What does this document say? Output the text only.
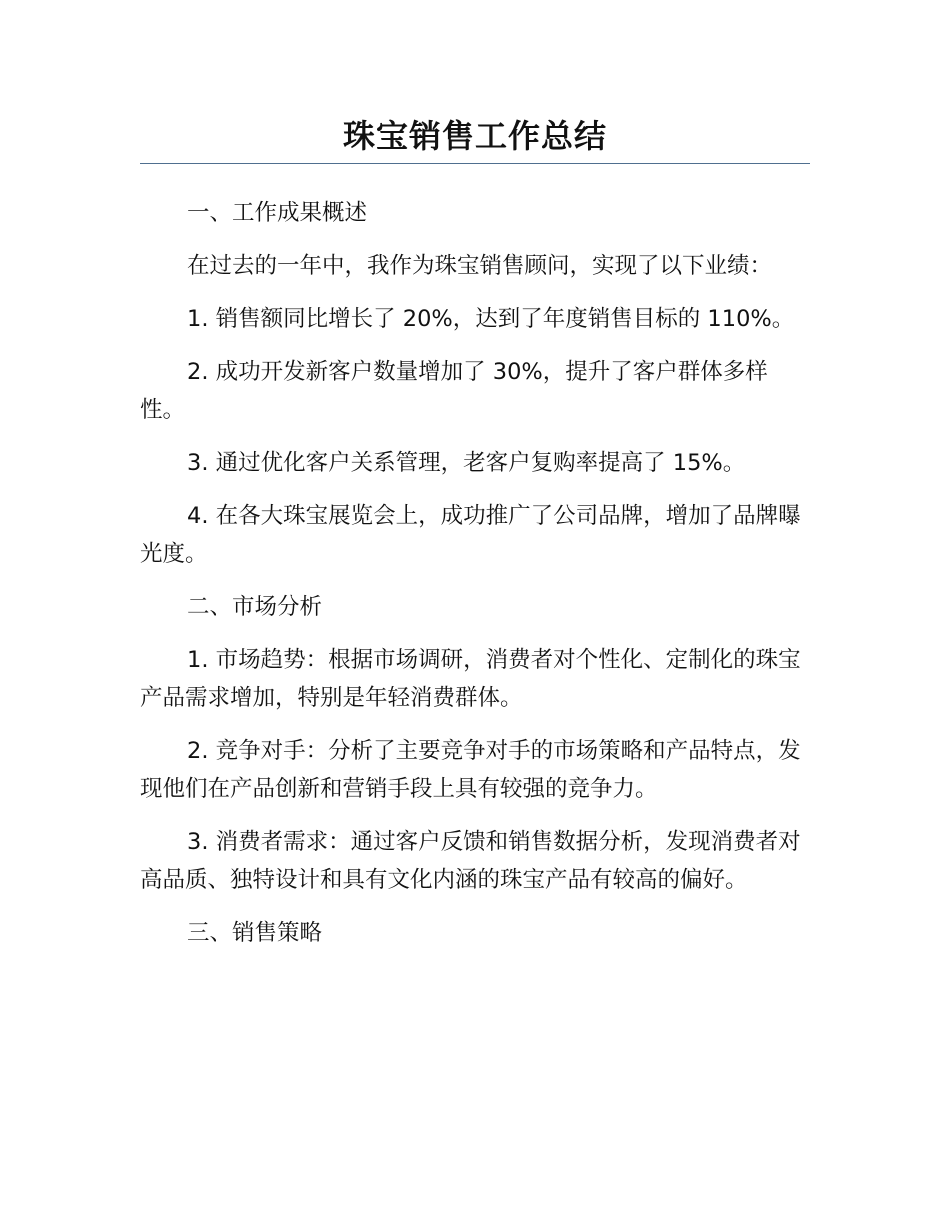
珠宝销售工作总结

一、工作成果概述

在过去的一年中，我作为珠宝销售顾问，实现了以下业绩：

1. 销售额同比增长了 20%，达到了年度销售目标的 110%。

2. 成功开发新客户数量增加了 30%，提升了客户群体多样性。

3. 通过优化客户关系管理，老客户复购率提高了 15%。

4. 在各大珠宝展览会上，成功推广了公司品牌，增加了品牌曝光度。

二、市场分析

1. 市场趋势：根据市场调研，消费者对个性化、定制化的珠宝产品需求增加，特别是年轻消费群体。

2. 竞争对手：分析了主要竞争对手的市场策略和产品特点，发现他们在产品创新和营销手段上具有较强的竞争力。

3. 消费者需求：通过客户反馈和销售数据分析，发现消费者对高品质、独特设计和具有文化内涵的珠宝产品有较高的偏好。

三、销售策略
